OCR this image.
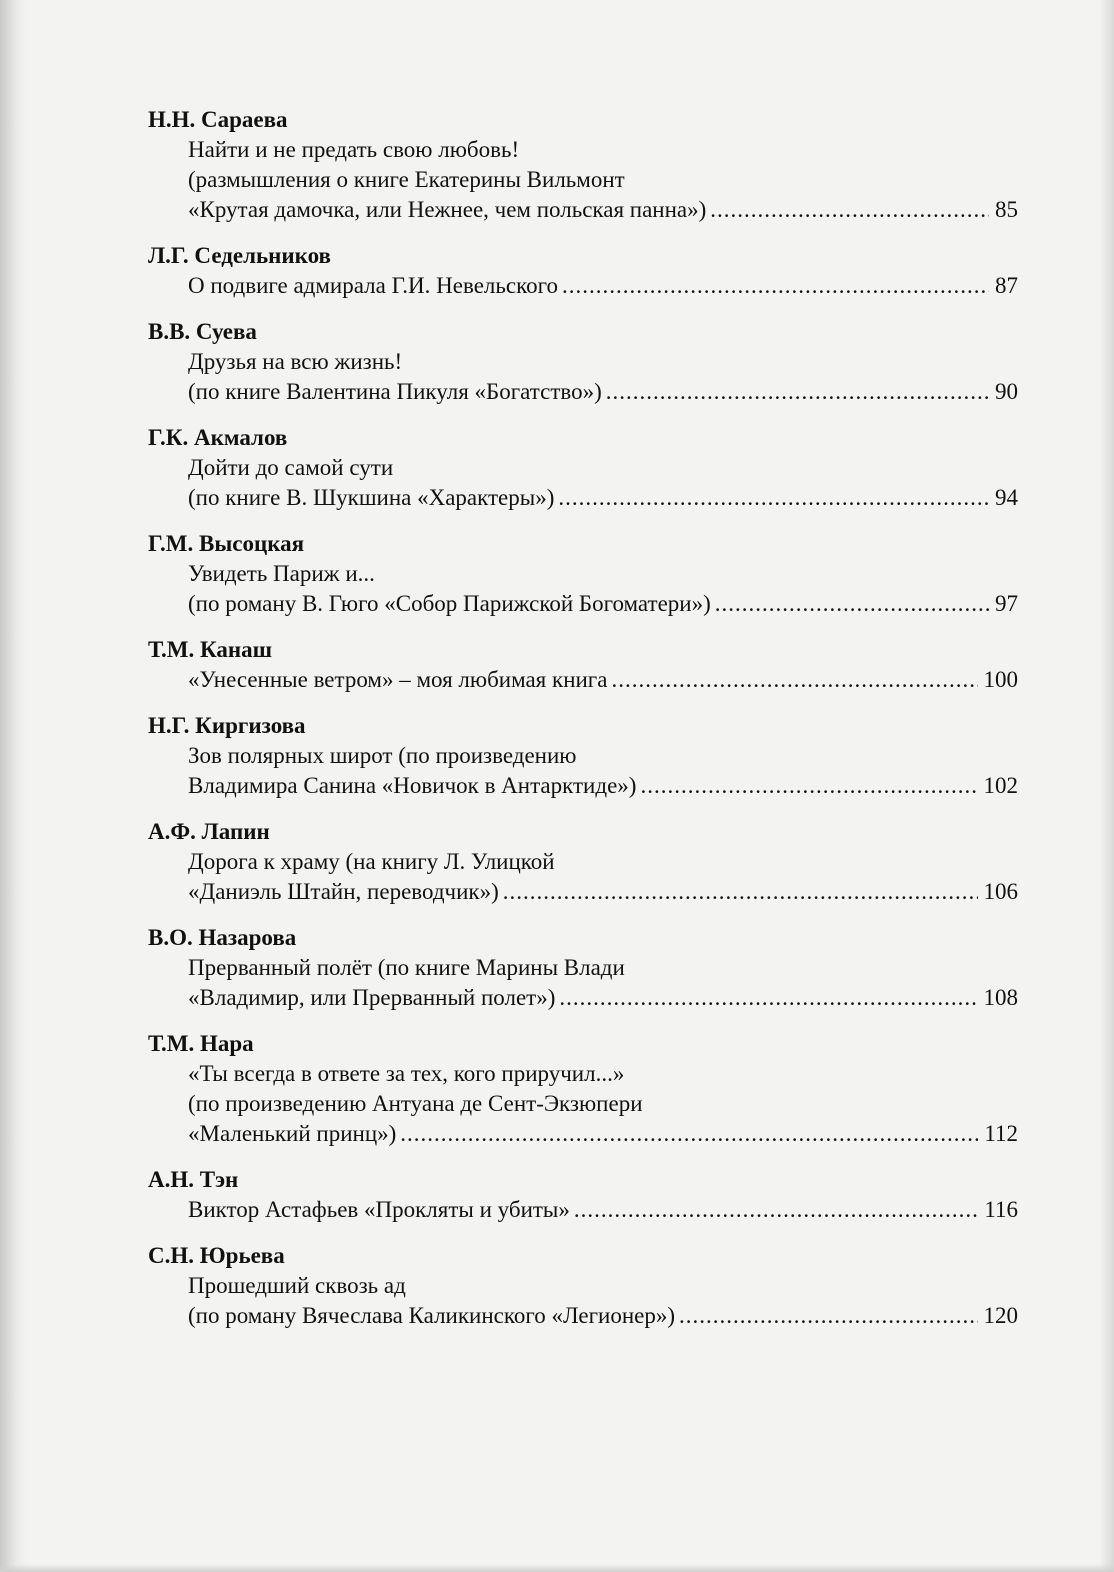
Н.Н. Сараева
Найти и не предать свою любовь!
(размышления о книге Екатерины Вильмонт
«Крутая дамочка, или Нежнее, чем польская панна») .....	85
Л.Г. Седельников
О подвиге адмирала Г.И. Невельского .....	87
В.В. Суева
Друзья на всю жизнь!
(по книге Валентина Пикуля «Богатство») .....	90
Г.К. Акмалов
Дойти до самой сути
(по книге В. Шукшина «Характеры») .....	94
Г.М. Высоцкая
Увидеть Париж и...
(по роману В. Гюго «Собор Парижской Богоматери») .....	97
Т.М. Канаш
«Унесенные ветром» – моя любимая книга .....	100
Н.Г. Киргизова
Зов полярных широт (по произведению
Владимира Санина «Новичок в Антарктиде») .....	102
А.Ф. Лапин
Дорога к храму (на книгу Л. Улицкой
«Даниэль Штайн, переводчик») .....	106
В.О. Назарова
Прерванный полёт (по книге Марины Влади
«Владимир, или Прерванный полет») .....	108
Т.М. Нара
«Ты всегда в ответе за тех, кого приручил...»
(по произведению Антуана де Сент-Экзюпери
«Маленький принц») .....	112
А.Н. Тэн
Виктор Астафьев «Прокляты и убиты» .....	116
С.Н. Юрьева
Прошедший сквозь ад
(по роману Вячеслава Каликинского «Легионер») .....	120
